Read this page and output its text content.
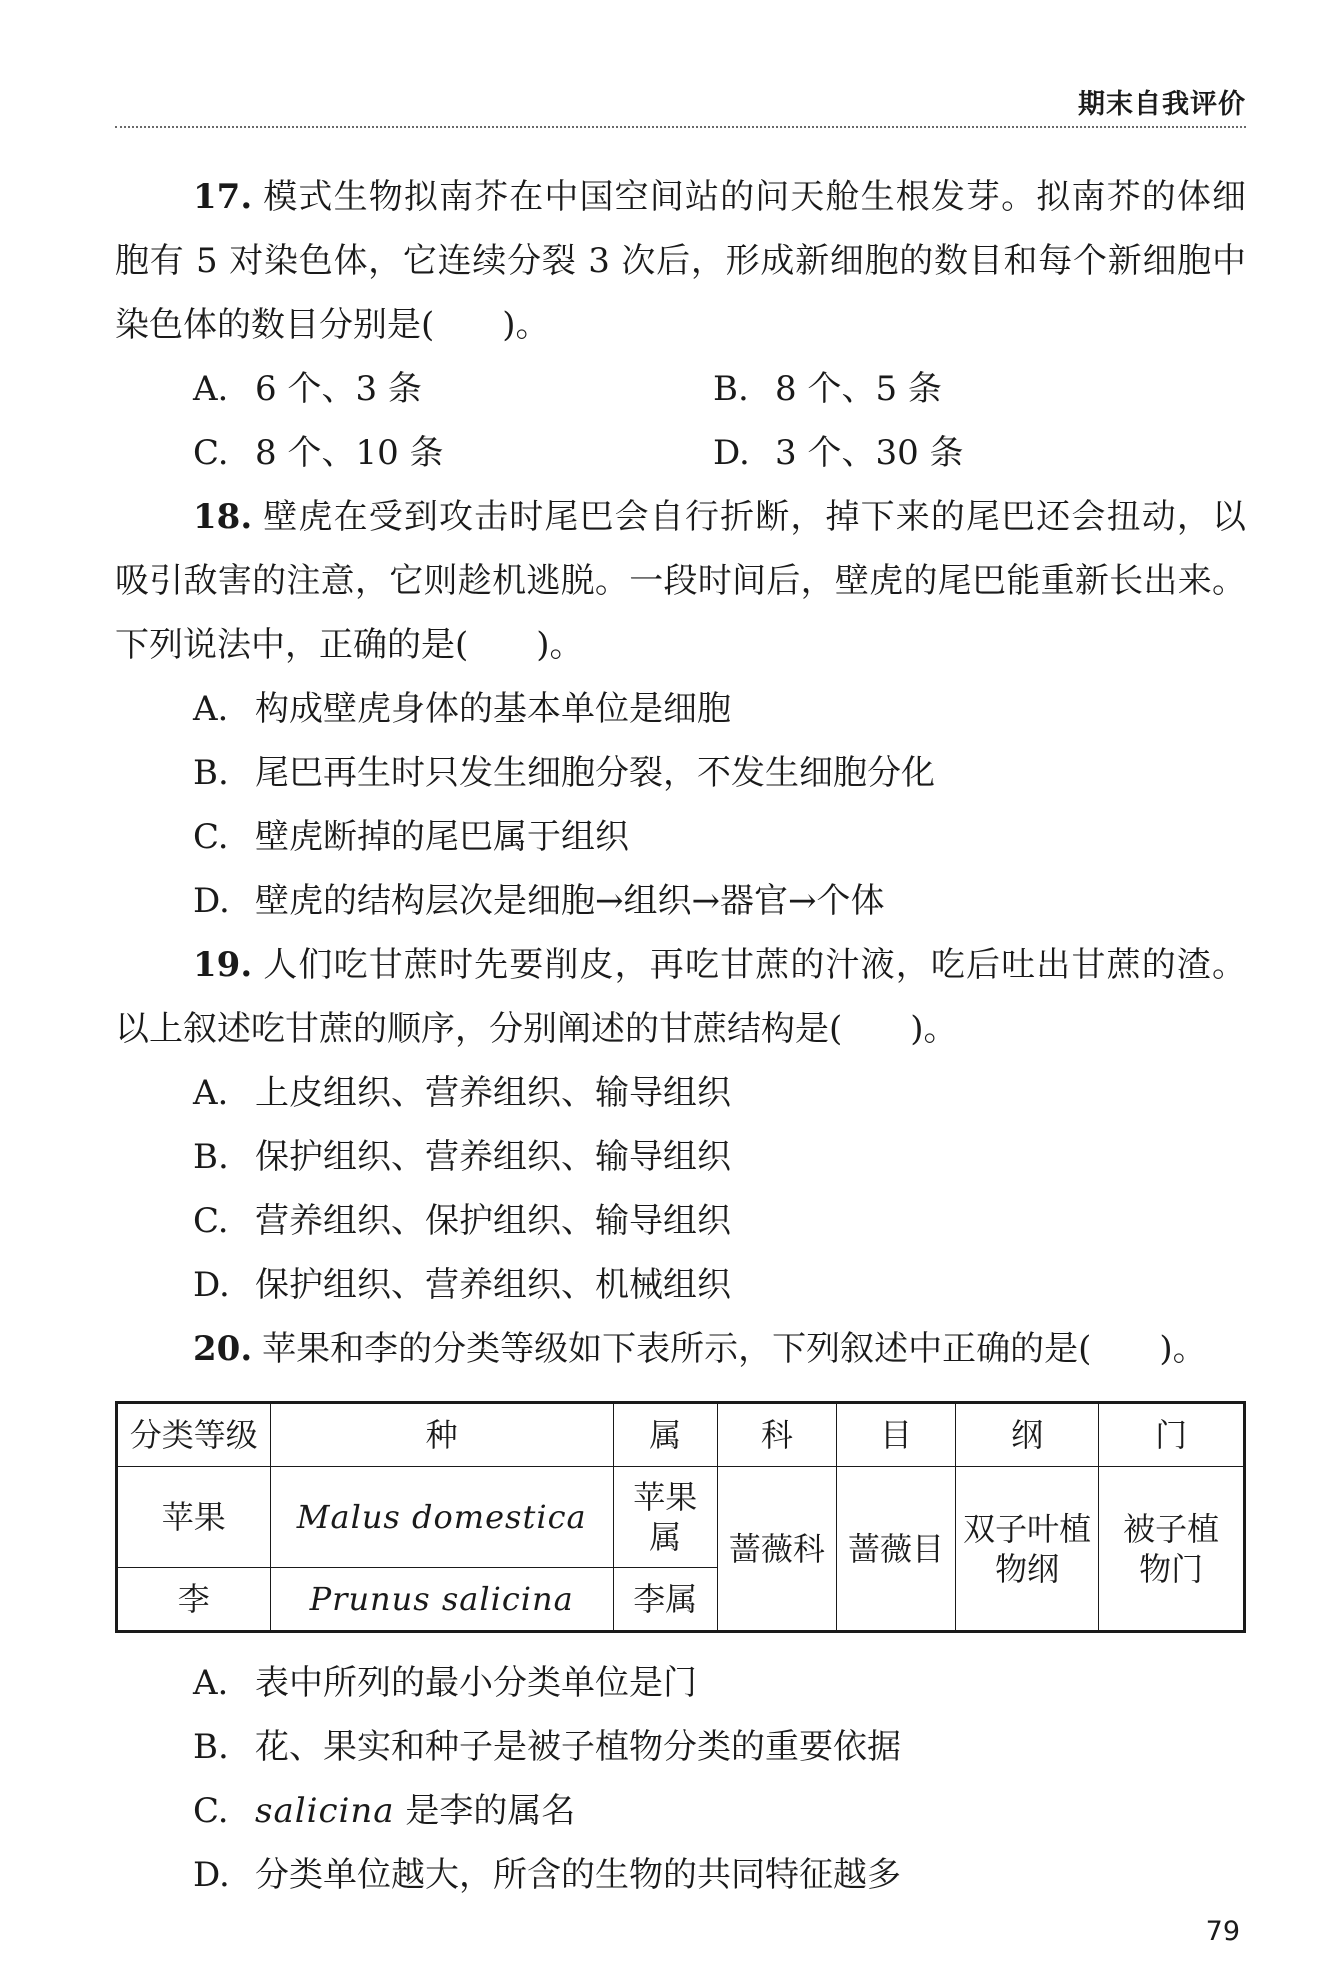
期末自我评价

17. 模式生物拟南芥在中国空间站的问天舱生根发芽。拟南芥的体细胞有 5 对染色体，它连续分裂 3 次后，形成新细胞的数目和每个新细胞中染色体的数目分别是(　　)。

A. 6 个、3 条	B. 8 个、5 条
C. 8 个、10 条	D. 3 个、30 条

18. 壁虎在受到攻击时尾巴会自行折断，掉下来的尾巴还会扭动，以吸引敌害的注意，它则趁机逃脱。一段时间后，壁虎的尾巴能重新长出来。下列说法中，正确的是(　　)。

A. 构成壁虎身体的基本单位是细胞
B. 尾巴再生时只发生细胞分裂，不发生细胞分化
C. 壁虎断掉的尾巴属于组织
D. 壁虎的结构层次是细胞→组织→器官→个体

19. 人们吃甘蔗时先要削皮，再吃甘蔗的汁液，吃后吐出甘蔗的渣。以上叙述吃甘蔗的顺序，分别阐述的甘蔗结构是(　　)。

A. 上皮组织、营养组织、输导组织
B. 保护组织、营养组织、输导组织
C. 营养组织、保护组织、输导组织
D. 保护组织、营养组织、机械组织

20. 苹果和李的分类等级如下表所示，下列叙述中正确的是(　　)。

分类等级	种	属	科	目	纲	门
苹果	Malus domestica	苹果属	蔷薇科	蔷薇目	双子叶植物纲	被子植物门
李	Prunus salicina	李属				
A. 表中所列的最小分类单位是门
B. 花、果实和种子是被子植物分类的重要依据
C. salicina 是李的属名
D. 分类单位越大，所含的生物的共同特征越多
79
